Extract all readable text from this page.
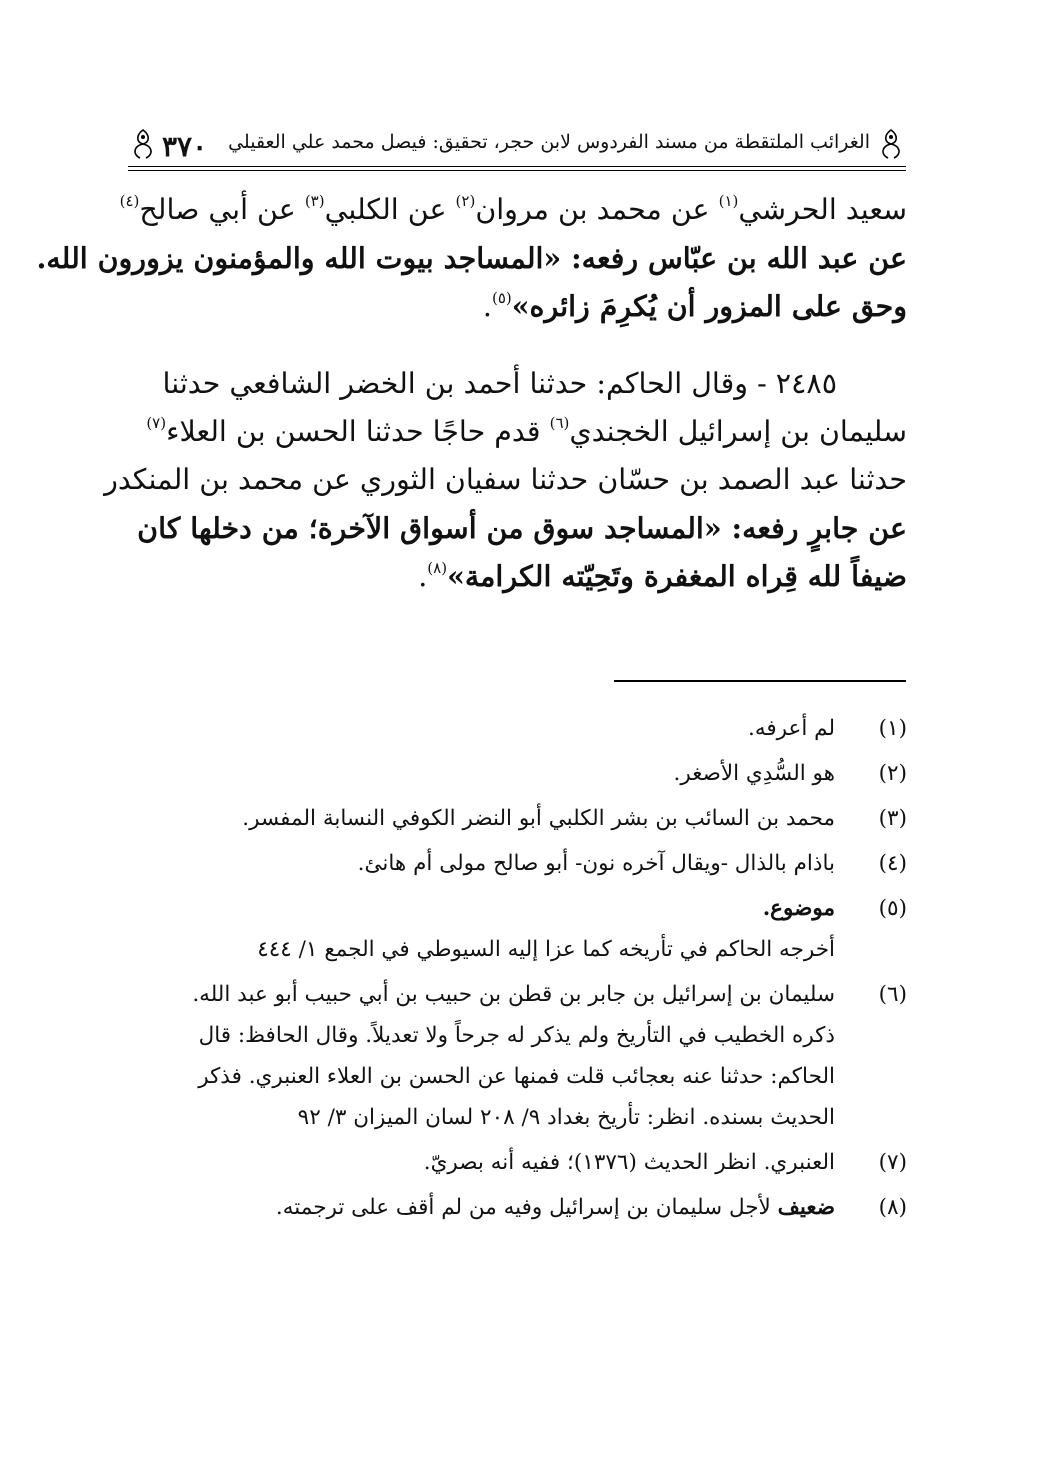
٣٧٠ الغرائب الملتقطة من مسند الفردوس لابن حجر، تحقيق: فيصل محمد علي العقيلي
سعيد الحرشي$^{(١)}$ عن محمد بن مروان$^{(٢)}$ عن الكلبي$^{(٣)}$ عن أبي صالح$^{(٤)}$
عن عبد الله بن عبّاس رفعه: «المساجد بيوت الله والمؤمنون يزورون الله.
وحق على المزور أن يُكرِمَ زائره»$^{(٥)}$.
٢٤٨٥ - وقال الحاكم: حدثنا أحمد بن الخضر الشافعي حدثنا
سليمان بن إسرائيل الخجندي$^{(٦)}$ قدم حاجًا حدثنا الحسن بن العلاء$^{(٧)}$
حدثنا عبد الصمد بن حسّان حدثنا سفيان الثوري عن محمد بن المنكدر
عن جابرٍ رفعه: «المساجد سوق من أسواق الآخرة؛ من دخلها كان
ضيفاً لله قِراه المغفرة وتَحِيّته الكرامة»$^{(٨)}$.
(١)
لم أعرفه.
(٢)
هو السُّدِي الأصغر.
(٣)
محمد بن السائب بن بشر الكلبي أبو النضر الكوفي النسابة المفسر.
(٤)
باذام بالذال -ويقال آخره نون- أبو صالح مولى أم هانئ.
(٥)
موضوع.
أخرجه الحاكم في تأريخه كما عزا إليه السيوطي في الجمع ١/ ٤٤٤
(٦)
سليمان بن إسرائيل بن جابر بن قطن بن حبيب بن أبي حبيب أبو عبد الله.
ذكره الخطيب في التأريخ ولم يذكر له جرحاً ولا تعديلاً. وقال الحافظ: قال
الحاكم: حدثنا عنه بعجائب قلت فمنها عن الحسن بن العلاء العنبري. فذكر
الحديث بسنده. انظر: تأريخ بغداد ٩/ ٢٠٨ لسان الميزان ٣/ ٩٢
(٧)
العنبري. انظر الحديث (١٣٧٦)؛ ففيه أنه بصريّ.
(٨)
ضعيف لأجل سليمان بن إسرائيل وفيه من لم أقف على ترجمته.
